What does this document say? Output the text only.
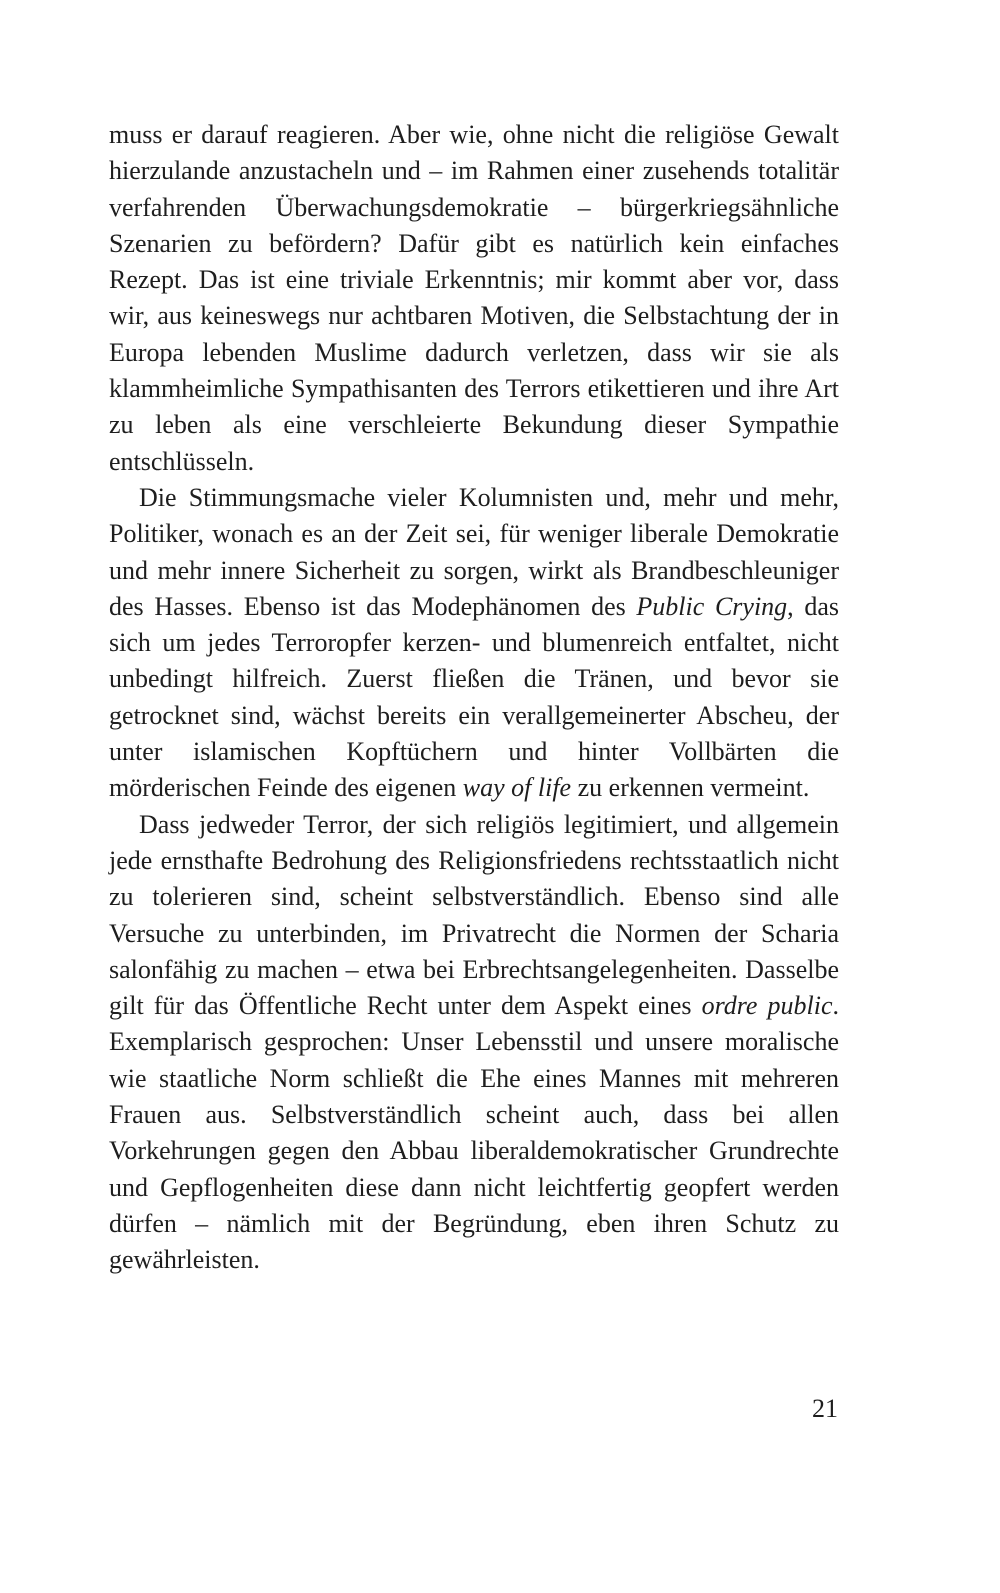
muss er darauf reagieren. Aber wie, ohne nicht die religiöse Gewalt hierzulande anzustacheln und – im Rahmen einer zusehends totalitär verfahrenden Überwachungsdemokratie – bürgerkriegsähnliche Szenarien zu befördern? Dafür gibt es natürlich kein einfaches Rezept. Das ist eine triviale Erkenntnis; mir kommt aber vor, dass wir, aus keineswegs nur achtbaren Motiven, die Selbstachtung der in Europa lebenden Muslime dadurch verletzen, dass wir sie als klammheimliche Sympathisanten des Terrors etikettieren und ihre Art zu leben als eine verschleierte Bekundung dieser Sympathie entschlüsseln.

Die Stimmungsmache vieler Kolumnisten und, mehr und mehr, Politiker, wonach es an der Zeit sei, für weniger liberale Demokratie und mehr innere Sicherheit zu sorgen, wirkt als Brandbeschleuniger des Hasses. Ebenso ist das Modephänomen des Public Crying, das sich um jedes Terroropfer kerzen- und blumenreich entfaltet, nicht unbedingt hilfreich. Zuerst fließen die Tränen, und bevor sie getrocknet sind, wächst bereits ein verallgemeinerter Abscheu, der unter islamischen Kopftüchern und hinter Vollbärten die mörderischen Feinde des eigenen way of life zu erkennen vermeint.

Dass jedweder Terror, der sich religiös legitimiert, und allgemein jede ernsthafte Bedrohung des Religionsfriedens rechtsstaatlich nicht zu tolerieren sind, scheint selbstverständlich. Ebenso sind alle Versuche zu unterbinden, im Privatrecht die Normen der Scharia salonfähig zu machen – etwa bei Erbrechtsangelegenheiten. Dasselbe gilt für das Öffentliche Recht unter dem Aspekt eines ordre public. Exemplarisch gesprochen: Unser Lebensstil und unsere moralische wie staatliche Norm schließt die Ehe eines Mannes mit mehreren Frauen aus. Selbstverständlich scheint auch, dass bei allen Vorkehrungen gegen den Abbau liberaldemokratischer Grundrechte und Gepflogenheiten diese dann nicht leichtfertig geopfert werden dürfen – nämlich mit der Begründung, eben ihren Schutz zu gewährleisten.

21
